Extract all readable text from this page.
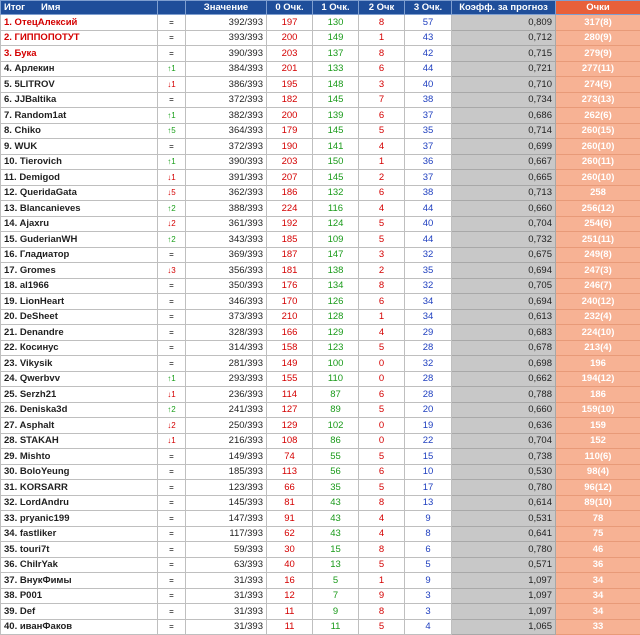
Итог Имя		Значение	0 Очк.	1 Очк.	2 Очк	3 Очк.	Коэфф. за прогноз	Очки
1. ОтецАлексий	=	392/393	197	130	8	57	0,809	317(8)
2. ГИППОПОТУТ	=	393/393	200	149	1	43	0,712	280(9)
3. Бука	=	390/393	203	137	8	42	0,715	279(9)
4. Арлекин	↑1	384/393	201	133	6	44	0,721	277(11)
5. 5LITROV	↓1	386/393	195	148	3	40	0,710	274(5)
6. JJBaltika	=	372/393	182	145	7	38	0,734	273(13)
7. Random1at	↑1	382/393	200	139	6	37	0,686	262(6)
8. Chiko	↑5	364/393	179	145	5	35	0,714	260(15)
9. WUK	=	372/393	190	141	4	37	0,699	260(10)
10. Tierovich	↑1	390/393	203	150	1	36	0,667	260(11)
11. Demigod	↓1	391/393	207	145	2	37	0,665	260(10)
12. QueridaGata	↓5	362/393	186	132	6	38	0,713	258
13. Blancanieves	↑2	388/393	224	116	4	44	0,660	256(12)
14. Ajaxru	↓2	361/393	192	124	5	40	0,704	254(6)
15. GuderianWH	↑2	343/393	185	109	5	44	0,732	251(11)
16. Гладиатор	=	369/393	187	147	3	32	0,675	249(8)
17. Gromes	↓3	356/393	181	138	2	35	0,694	247(3)
18. al1966	=	350/393	176	134	8	32	0,705	246(7)
19. LionHeart	=	346/393	170	126	6	34	0,694	240(12)
20. DeSheet	=	373/393	210	128	1	34	0,613	232(4)
21. Denandre	=	328/393	166	129	4	29	0,683	224(10)
22. Косинус	=	314/393	158	123	5	28	0,678	213(4)
23. Vikysik	=	281/393	149	100	0	32	0,698	196
24. Qwerbvv	↑1	293/393	155	110	0	28	0,662	194(12)
25. Serzh21	↓1	236/393	114	87	6	28	0,788	186
26. Deniska3d	↑2	241/393	127	89	5	20	0,660	159(10)
27. Asphalt	↓2	250/393	129	102	0	19	0,636	159
28. STAKAH	↓1	216/393	108	86	0	22	0,704	152
29. Mishto	=	149/393	74	55	5	15	0,738	110(6)
30. BoloYeung	=	185/393	113	56	6	10	0,530	98(4)
31. KORSARR	=	123/393	66	35	5	17	0,780	96(12)
32. LordAndru	=	145/393	81	43	8	13	0,614	89(10)
33. pryanic199	=	147/393	91	43	4	9	0,531	78
34. fastliker	=	117/393	62	43	4	8	0,641	75
35. touri7t	=	59/393	30	15	8	6	0,780	46
36. ChilrYak	=	63/393	40	13	5	5	0,571	36
37. ВнукФимы	=	31/393	16	5	1	9	1,097	34
38. P001	=	31/393	12	7	9	3	1,097	34
39. Def	=	31/393	11	9	8	3	1,097	34
40. иванФаков	=	31/393	11	11	5	4	1,065	33
